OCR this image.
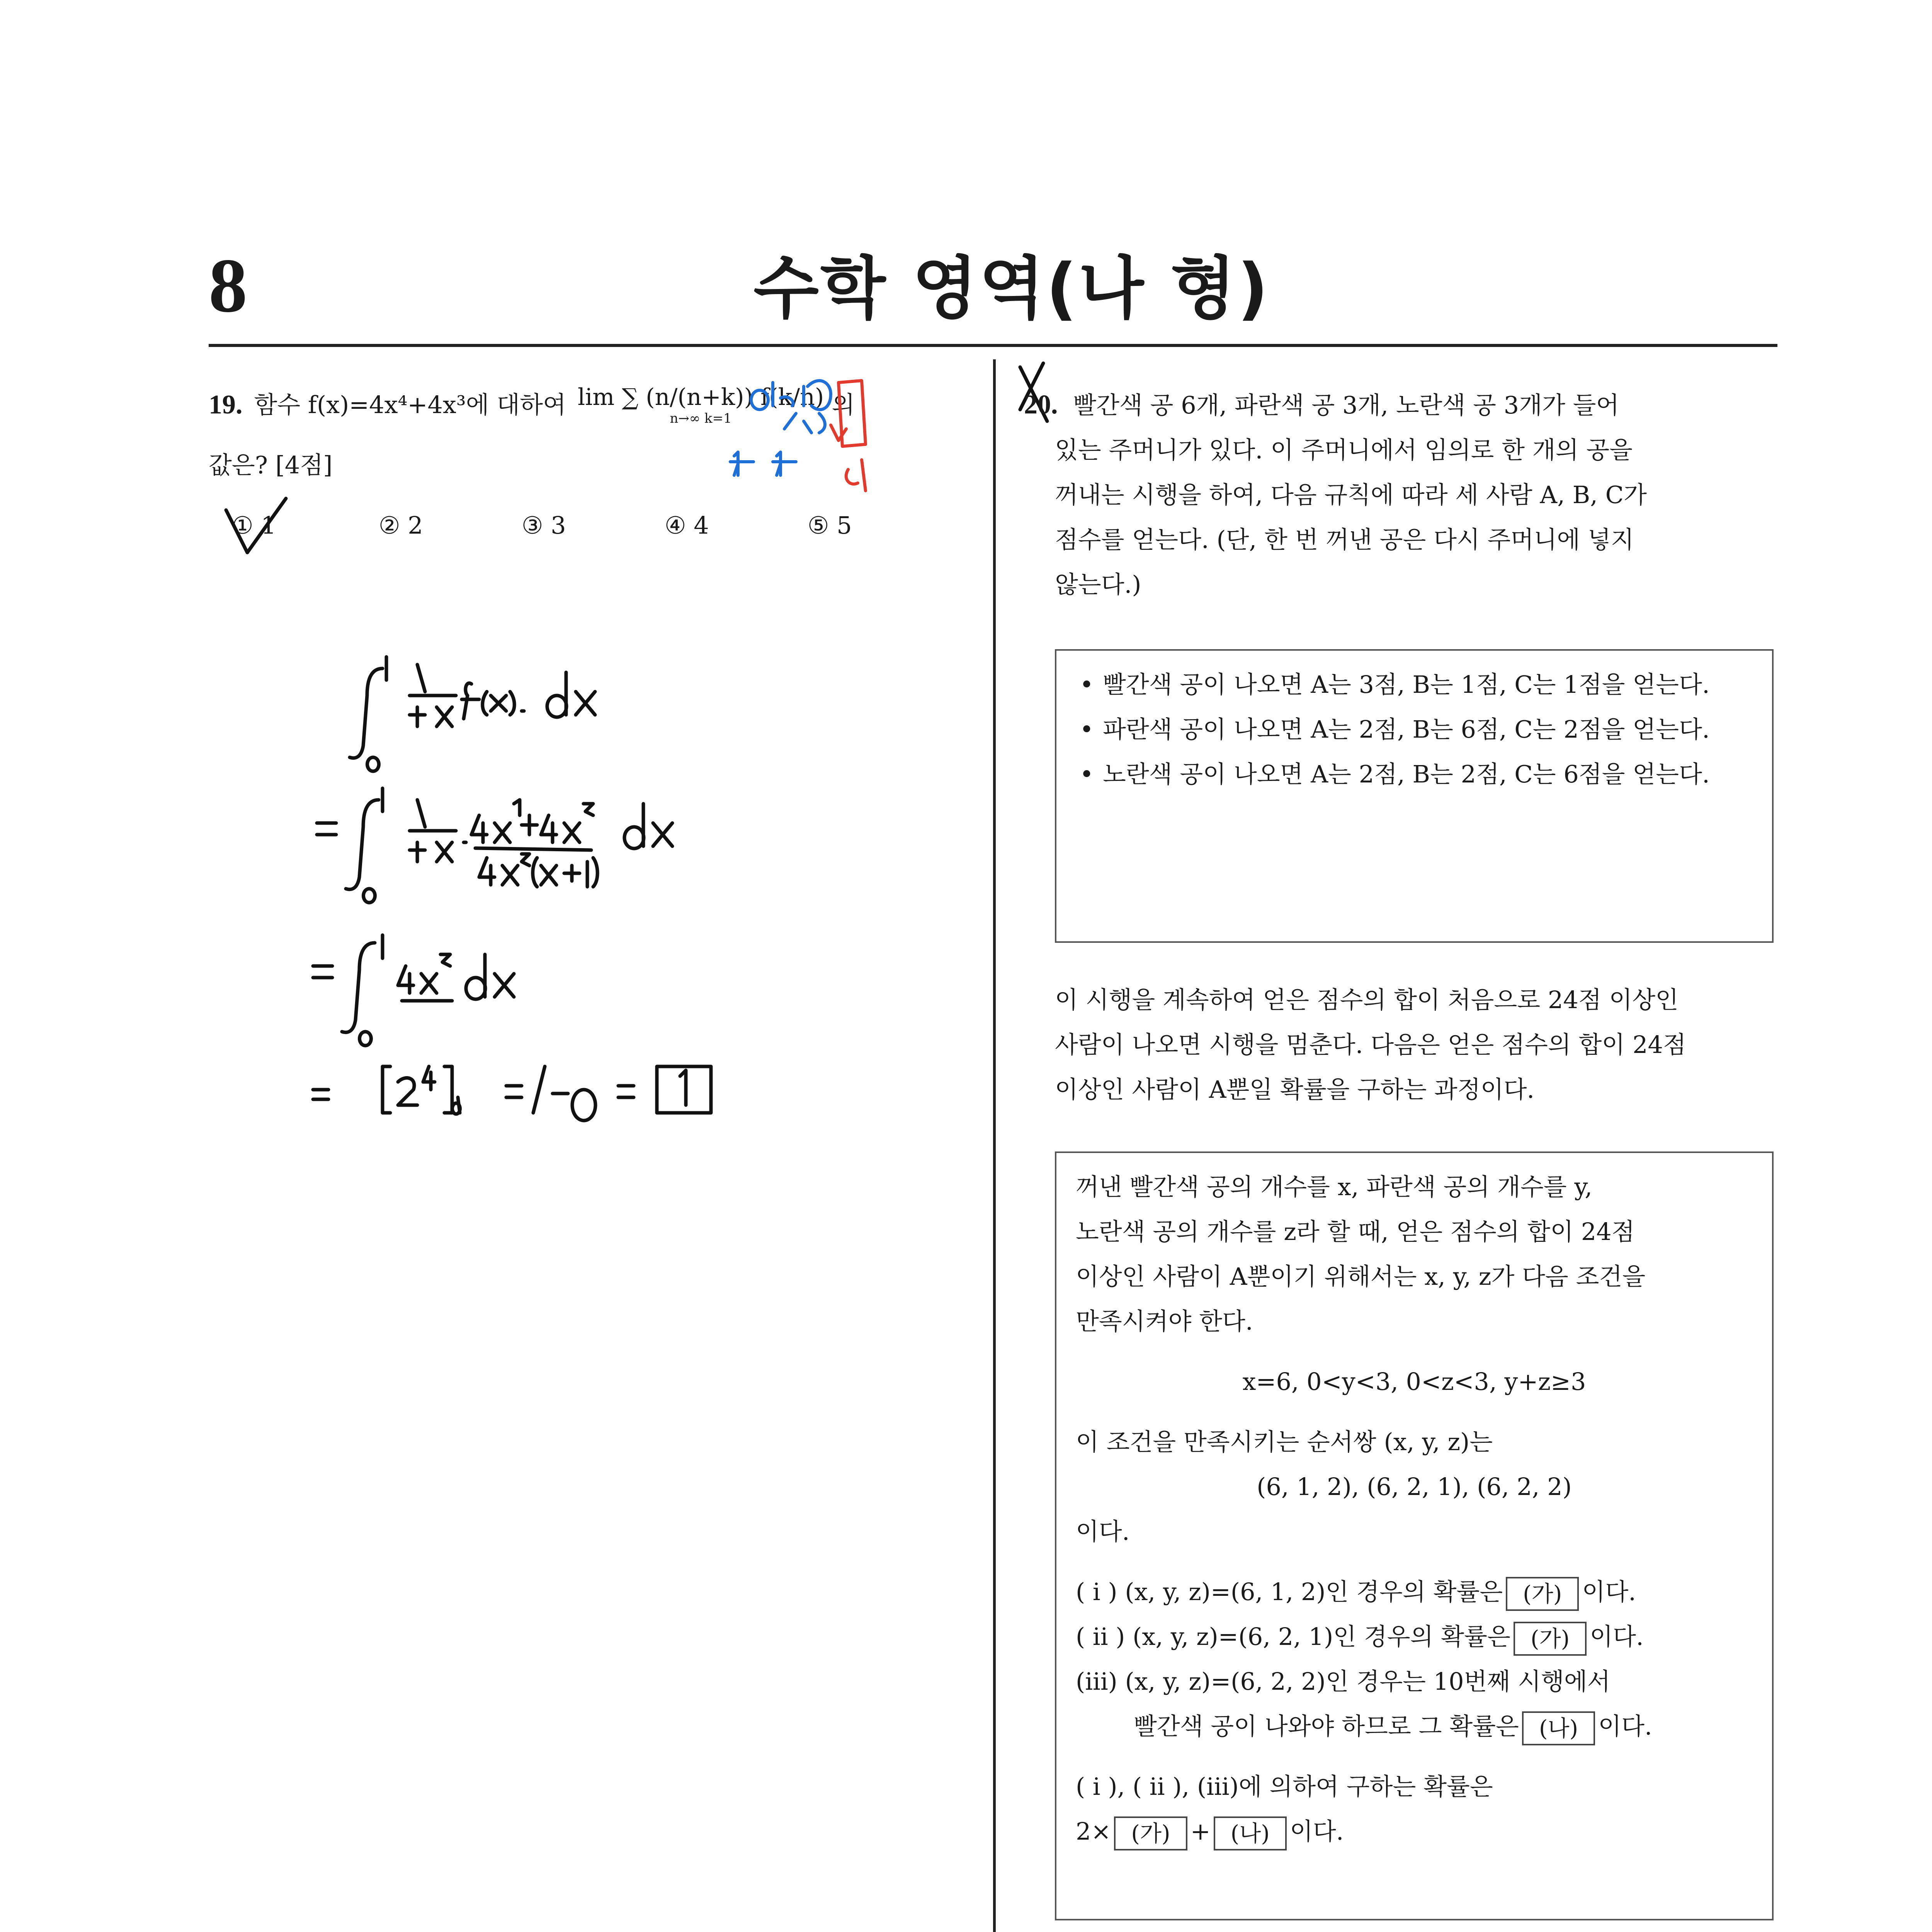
8	수학 영역(나 형)
19. 함수 f(x)=4x⁴+4x³에 대하여 lim ∑ (n/(n+k)) f(k/n)
n→∞ k=1	의
값은? [4점]
① 1	② 2	③ 3	④ 4	⑤ 5
20. 빨간색 공 6개, 파란색 공 3개, 노란색 공 3개가 들어
있는 주머니가 있다. 이 주머니에서 임의로 한 개의 공을
꺼내는 시행을 하여, 다음 규칙에 따라 세 사람 A, B, C가
점수를 얻는다. (단, 한 번 꺼낸 공은 다시 주머니에 넣지
않는다.)
• 빨간색 공이 나오면 A는 3점, B는 1점, C는 1점을 얻는다.
• 파란색 공이 나오면 A는 2점, B는 6점, C는 2점을 얻는다.
• 노란색 공이 나오면 A는 2점, B는 2점, C는 6점을 얻는다.
이 시행을 계속하여 얻은 점수의 합이 처음으로 24점 이상인
사람이 나오면 시행을 멈춘다. 다음은 얻은 점수의 합이 24점
이상인 사람이 A뿐일 확률을 구하는 과정이다.
꺼낸 빨간색 공의 개수를 x, 파란색 공의 개수를 y,
노란색 공의 개수를 z라 할 때, 얻은 점수의 합이 24점
이상인 사람이 A뿐이기 위해서는 x, y, z가 다음 조건을
만족시켜야 한다.
x=6, 0<y<3, 0<z<3, y+z≥3
이 조건을 만족시키는 순서쌍 (x, y, z)는
(6, 1, 2), (6, 2, 1), (6, 2, 2)
이다.
( i ) (x, y, z)=(6, 1, 2)인 경우의 확률은 (가) 이다.
( ii ) (x, y, z)=(6, 2, 1)인 경우의 확률은 (가) 이다.
(iii) (x, y, z)=(6, 2, 2)인 경우는 10번째 시행에서
빨간색 공이 나와야 하므로 그 확률은 (나) 이다.
( i ), ( ii ), (iii)에 의하여 구하는 확률은
2× (가) + (나) 이다.
